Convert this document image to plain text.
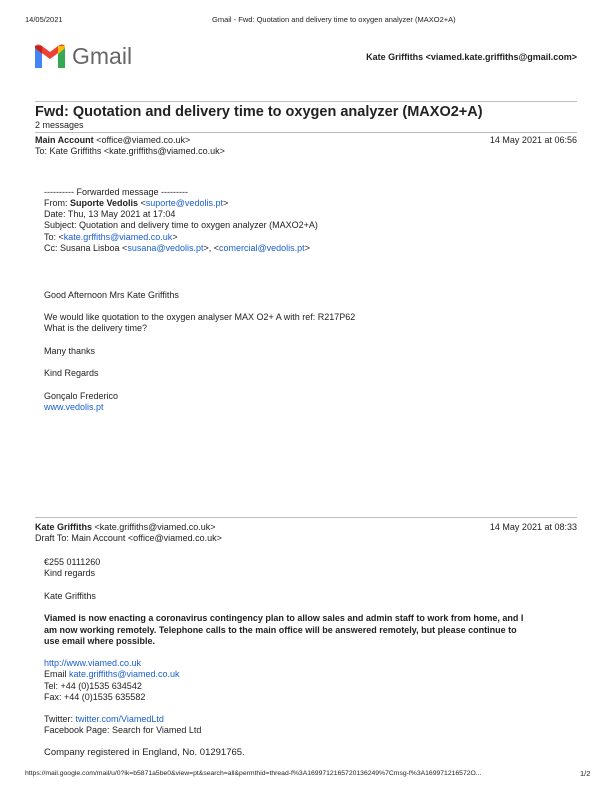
14/05/2021	Gmail - Fwd: Quotation and delivery time to oxygen analyzer (MAXO2+A)
Gmail	Kate Griffiths <viamed.kate.griffiths@gmail.com>
Fwd: Quotation and delivery time to oxygen analyzer (MAXO2+A)
2 messages
Main Account <office@viamed.co.uk>	14 May 2021 at 06:56
To: Kate Griffiths <kate.griffiths@viamed.co.uk>
---------- Forwarded message ---------
From: Suporte Vedolis <suporte@vedolis.pt>
Date: Thu, 13 May 2021 at 17:04
Subject: Quotation and delivery time to oxygen analyzer (MAXO2+A)
To: <kate.grffiths@viamed.co.uk>
Cc: Susana Lisboa <susana@vedolis.pt>, <comercial@vedolis.pt>
Good Afternoon Mrs Kate Griffiths
We would like quotation to the oxygen analyser MAX O2+ A with ref: R217P62
What is the delivery time?
Many thanks
Kind Regards
Gonçalo Frederico
www.vedolis.pt
Kate Griffiths <kate.griffiths@viamed.co.uk>	14 May 2021 at 08:33
Draft To: Main Account <office@viamed.co.uk>
€255 0111260
Kind regards
Kate Griffiths
Viamed is now enacting a coronavirus contingency plan to allow sales and admin staff to work from home, and I
am now working remotely. Telephone calls to the main office will be answered remotely, but please continue to
use email where possible.
http://www.viamed.co.uk
Email kate.griffiths@viamed.co.uk
Tel: +44 (0)1535 634542
Fax: +44 (0)1535 635582
Twitter: twitter.com/ViamedLtd
Facebook Page: Search for Viamed Ltd
Company registered in England, No. 01291765.
https://mail.google.com/mail/u/0?ik=b5871a5be0&view=pt&search=all&permthid=thread-f%3A1699712165720136249%7Cmsg-f%3A169971216572O...	1/2
